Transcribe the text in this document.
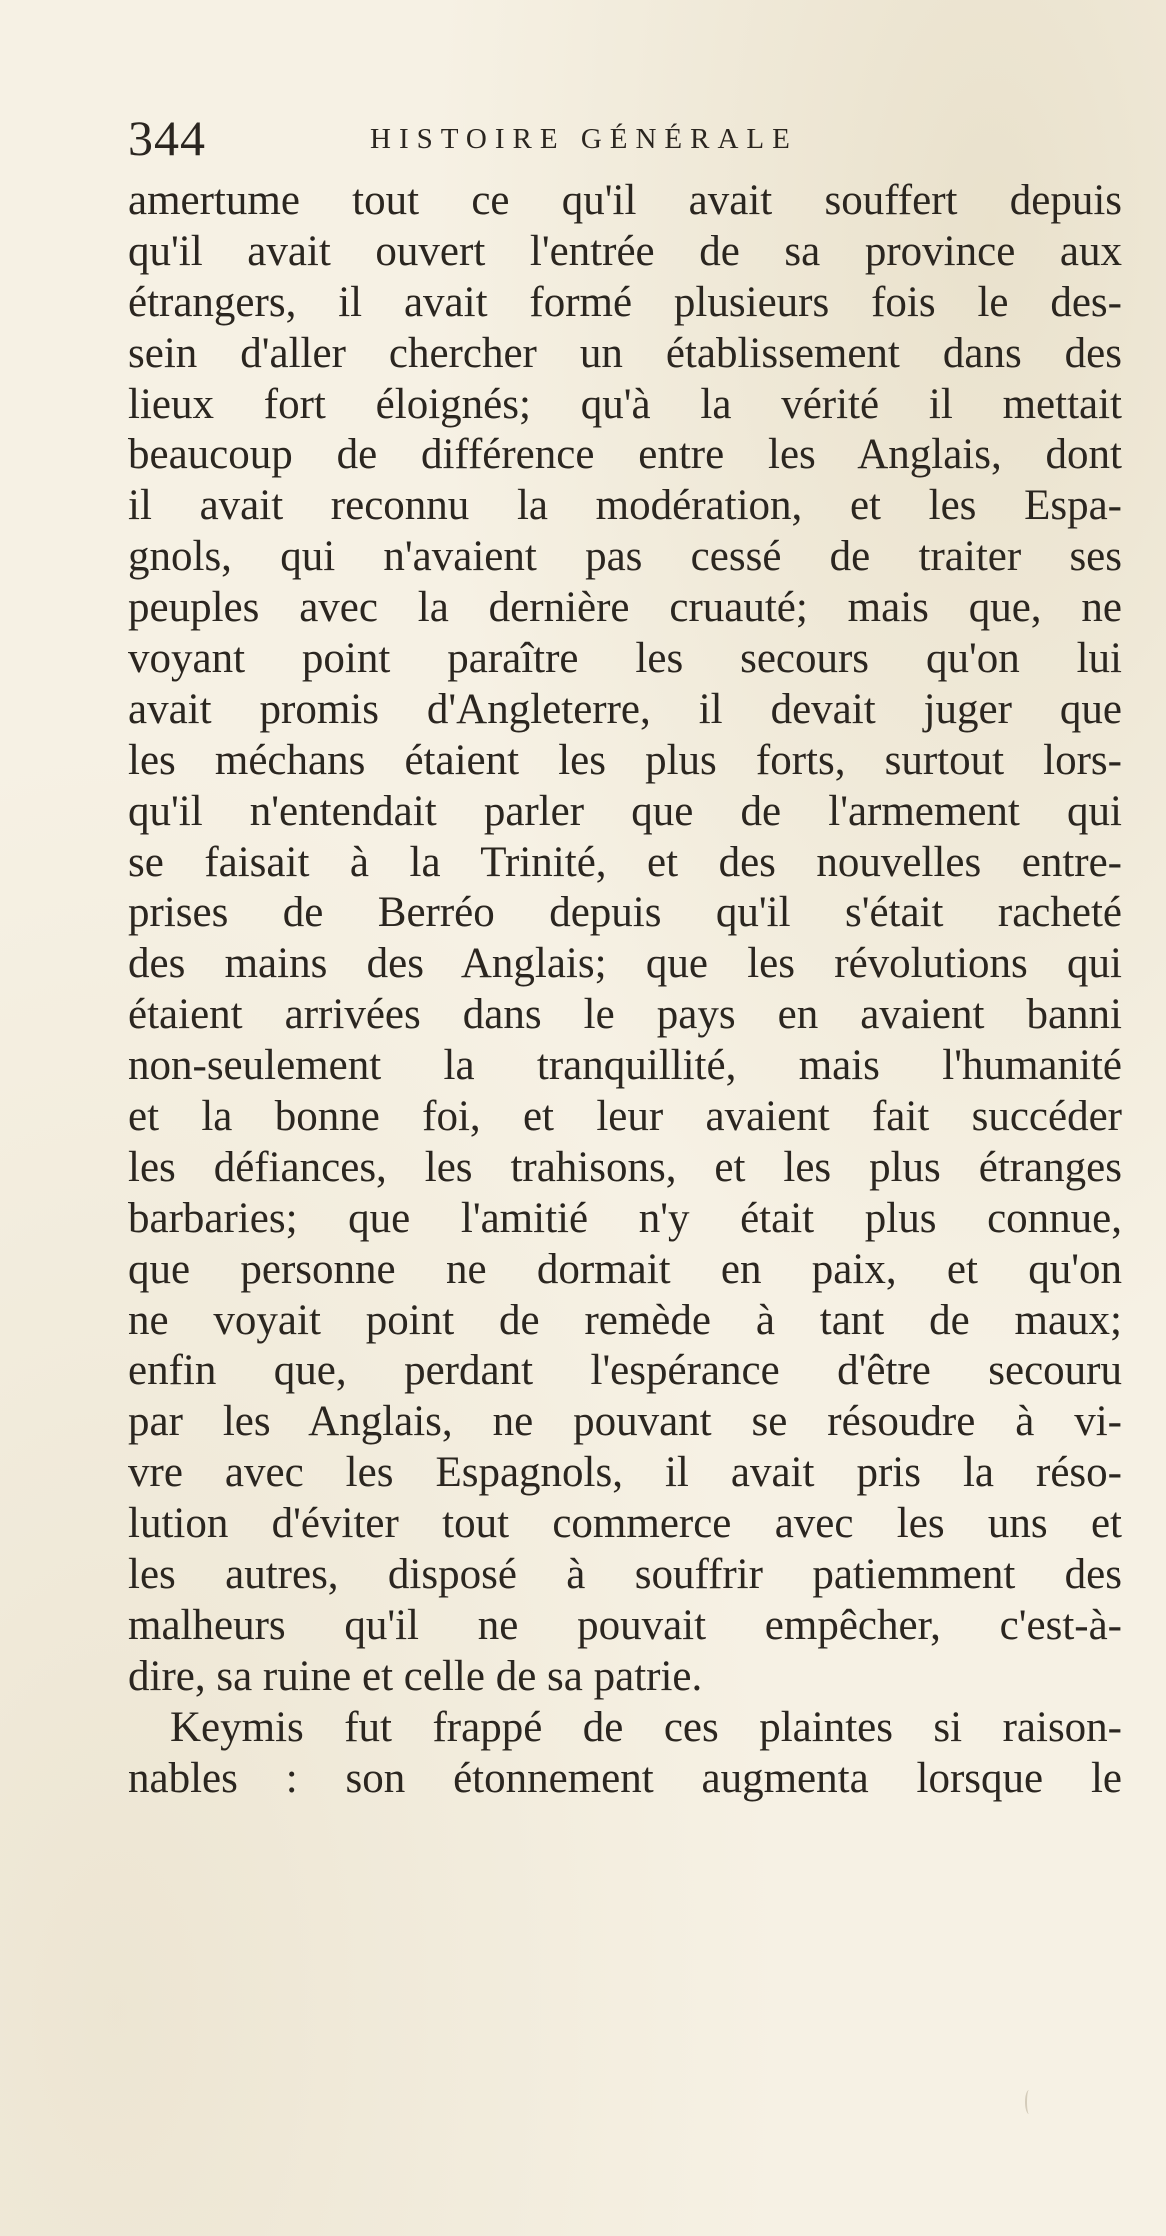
344	HISTOIRE GÉNÉRALE
amertume tout ce qu'il avait souffert depuis
qu'il avait ouvert l'entrée de sa province aux
étrangers, il avait formé plusieurs fois le des-
sein d'aller chercher un établissement dans des
lieux fort éloignés; qu'à la vérité il mettait
beaucoup de différence entre les Anglais, dont
il avait reconnu la modération, et les Espa-
gnols, qui n'avaient pas cessé de traiter ses
peuples avec la dernière cruauté; mais que, ne
voyant point paraître les secours qu'on lui
avait promis d'Angleterre, il devait juger que
les méchans étaient les plus forts, surtout lors-
qu'il n'entendait parler que de l'armement qui
se faisait à la Trinité, et des nouvelles entre-
prises de Berréo depuis qu'il s'était racheté
des mains des Anglais; que les révolutions qui
étaient arrivées dans le pays en avaient banni
non-seulement la tranquillité, mais l'humanité
et la bonne foi, et leur avaient fait succéder
les défiances, les trahisons, et les plus étranges
barbaries; que l'amitié n'y était plus connue,
que personne ne dormait en paix, et qu'on
ne voyait point de remède à tant de maux;
enfin que, perdant l'espérance d'être secouru
par les Anglais, ne pouvant se résoudre à vi-
vre avec les Espagnols, il avait pris la réso-
lution d'éviter tout commerce avec les uns et
les autres, disposé à souffrir patiemment des
malheurs qu'il ne pouvait empêcher, c'est-à-
dire, sa ruine et celle de sa patrie.
Keymis fut frappé de ces plaintes si raison-
nables : son étonnement augmenta lorsque le
